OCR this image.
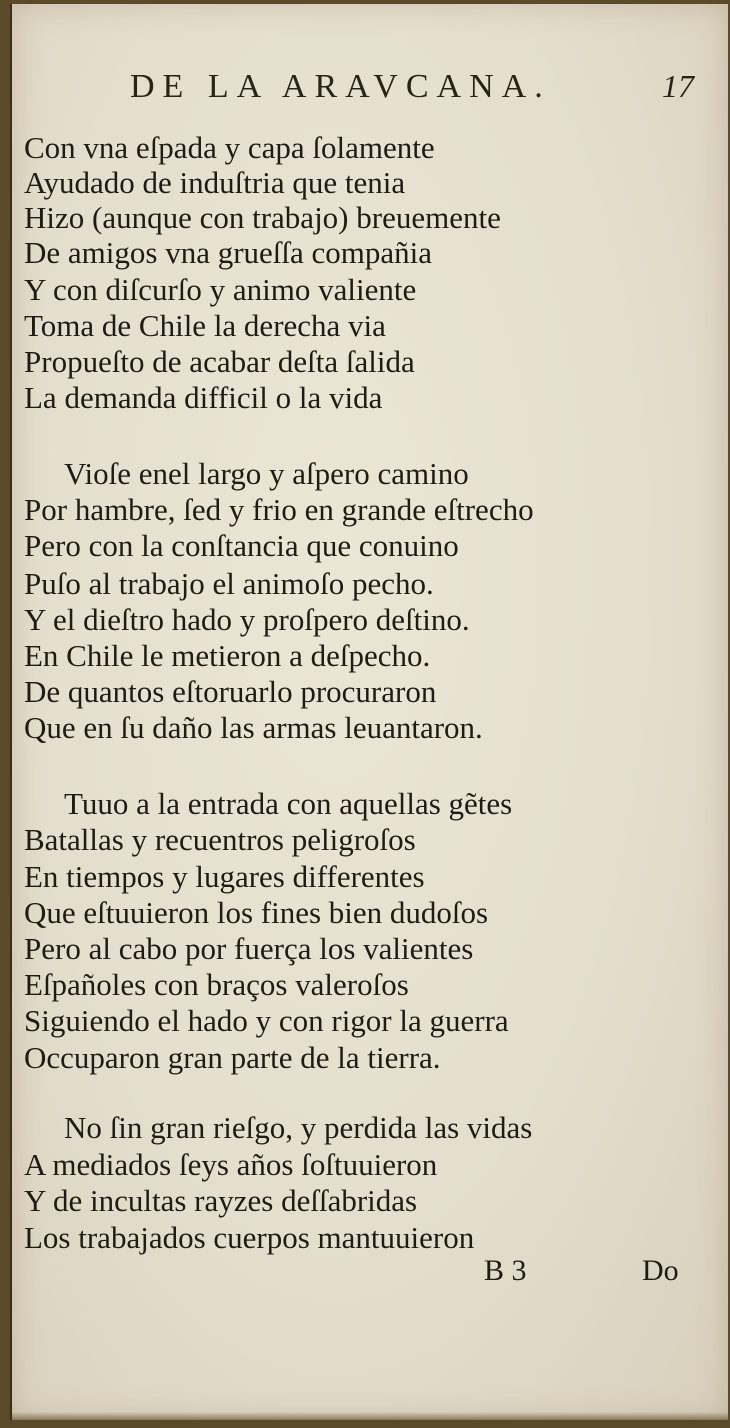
DE LA ARAVCANA.	17
Con vna eſpada y capa ſolamente
Ayudado de induſtria que tenia
Hizo (aunque con trabajo) breuemente
De amigos vna grueſſa compañia
Y con diſcurſo y animo valiente
Toma de Chile la derecha via
Propueſto de acabar deſta ſalida
La demanda difficil o la vida
Vioſe enel largo y aſpero camino
Por hambre, ſed y frio en grande eſtrecho
Pero con la conſtancia que conuino
Puſo al trabajo el animoſo pecho.
Y el dieſtro hado y proſpero deſtino.
En Chile le metieron a deſpecho.
De quantos eſtoruarlo procuraron
Que en ſu daño las armas leuantaron.
Tuuo a la entrada con aquellas gẽtes
Batallas y recuentros peligroſos
En tiempos y lugares differentes
Que eſtuuieron los fines bien dudoſos
Pero al cabo por fuerça los valientes
Eſpañoles con braços valeroſos
Siguiendo el hado y con rigor la guerra
Occuparon gran parte de la tierra.
No ſin gran rieſgo, y perdida las vidas
A mediados ſeys años ſoſtuuieron
Y de incultas rayzes deſſabridas
Los trabajados cuerpos mantuuieron
B 3	Do
